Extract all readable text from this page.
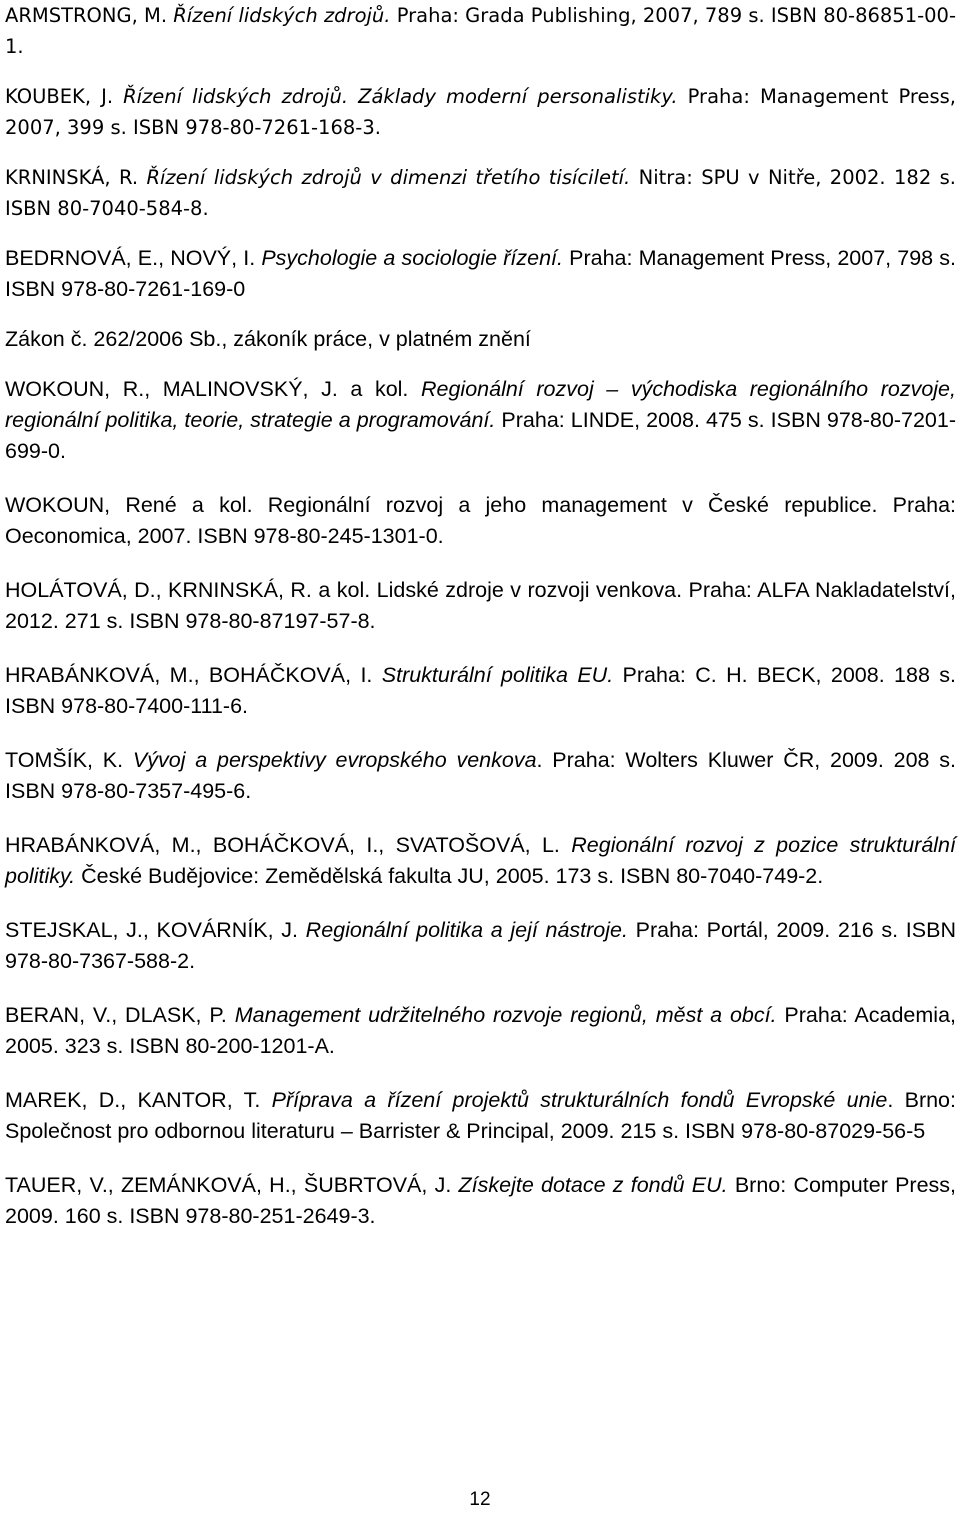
ARMSTRONG, M. Řízení lidských zdrojů. Praha: Grada Publishing, 2007, 789 s. ISBN 80-86851-00-1.

KOUBEK, J. Řízení lidských zdrojů. Základy moderní personalistiky. Praha: Management Press, 2007, 399 s. ISBN 978-80-7261-168-3.

KRNINSKÁ, R. Řízení lidských zdrojů v dimenzi třetího tisíciletí. Nitra: SPU v Nitře, 2002. 182 s. ISBN 80-7040-584-8.

BEDRNOVÁ, E., NOVÝ, I. Psychologie a sociologie řízení. Praha: Management Press, 2007, 798 s. ISBN 978-80-7261-169-0

Zákon č. 262/2006 Sb., zákoník práce, v platném znění

WOKOUN, R., MALINOVSKÝ, J. a kol. Regionální rozvoj – východiska regionálního rozvoje, regionální politika, teorie, strategie a programování. Praha: LINDE, 2008. 475 s. ISBN 978-80-7201-699-0.

WOKOUN, René a kol. Regionální rozvoj a jeho management v České republice. Praha: Oeconomica, 2007. ISBN 978-80-245-1301-0.

HOLÁTOVÁ, D., KRNINSKÁ, R. a kol. Lidské zdroje v rozvoji venkova. Praha: ALFA Nakladatelství, 2012. 271 s. ISBN 978-80-87197-57-8.

HRABÁNKOVÁ, M., BOHÁČKOVÁ, I. Strukturální politika EU. Praha: C. H. BECK, 2008. 188 s. ISBN 978-80-7400-111-6.

TOMŠÍK, K. Vývoj a perspektivy evropského venkova. Praha: Wolters Kluwer ČR, 2009. 208 s. ISBN 978-80-7357-495-6.

HRABÁNKOVÁ, M., BOHÁČKOVÁ, I., SVATOŠOVÁ, L. Regionální rozvoj z pozice strukturální politiky. České Budějovice: Zemědělská fakulta JU, 2005. 173 s. ISBN 80-7040-749-2.

STEJSKAL, J., KOVÁRNÍK, J. Regionální politika a její nástroje. Praha: Portál, 2009. 216 s. ISBN 978-80-7367-588-2.

BERAN, V., DLASK, P. Management udržitelného rozvoje regionů, měst a obcí. Praha: Academia, 2005. 323 s. ISBN 80-200-1201-A.

MAREK, D., KANTOR, T. Příprava a řízení projektů strukturálních fondů Evropské unie. Brno: Společnost pro odbornou literaturu – Barrister & Principal, 2009. 215 s. ISBN 978-80-87029-56-5

TAUER, V., ZEMÁNKOVÁ, H., ŠUBRTOVÁ, J. Získejte dotace z fondů EU. Brno: Computer Press, 2009. 160 s. ISBN 978-80-251-2649-3.

12
